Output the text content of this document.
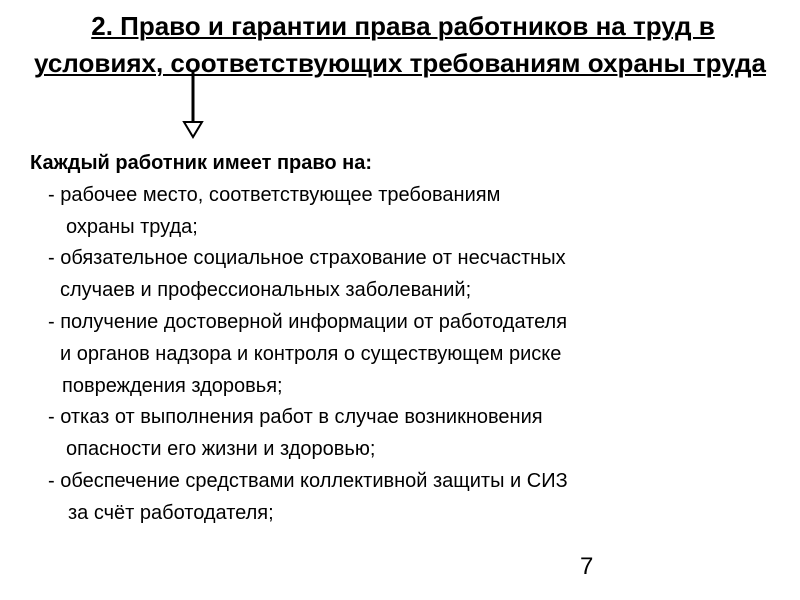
2. Право и гарантии права работников на труд в
условиях, соответствующих требованиям охраны труда
Каждый работник имеет право на:
- рабочее место, соответствующее требованиям
охраны труда;
- обязательное социальное страхование от несчастных
случаев и профессиональных заболеваний;
- получение достоверной информации от работодателя
и органов надзора и контроля о существующем риске
повреждения здоровья;
- отказ от выполнения работ в случае возникновения
опасности его жизни и здоровью;
- обеспечение средствами коллективной защиты и СИЗ
за счёт работодателя;
7
